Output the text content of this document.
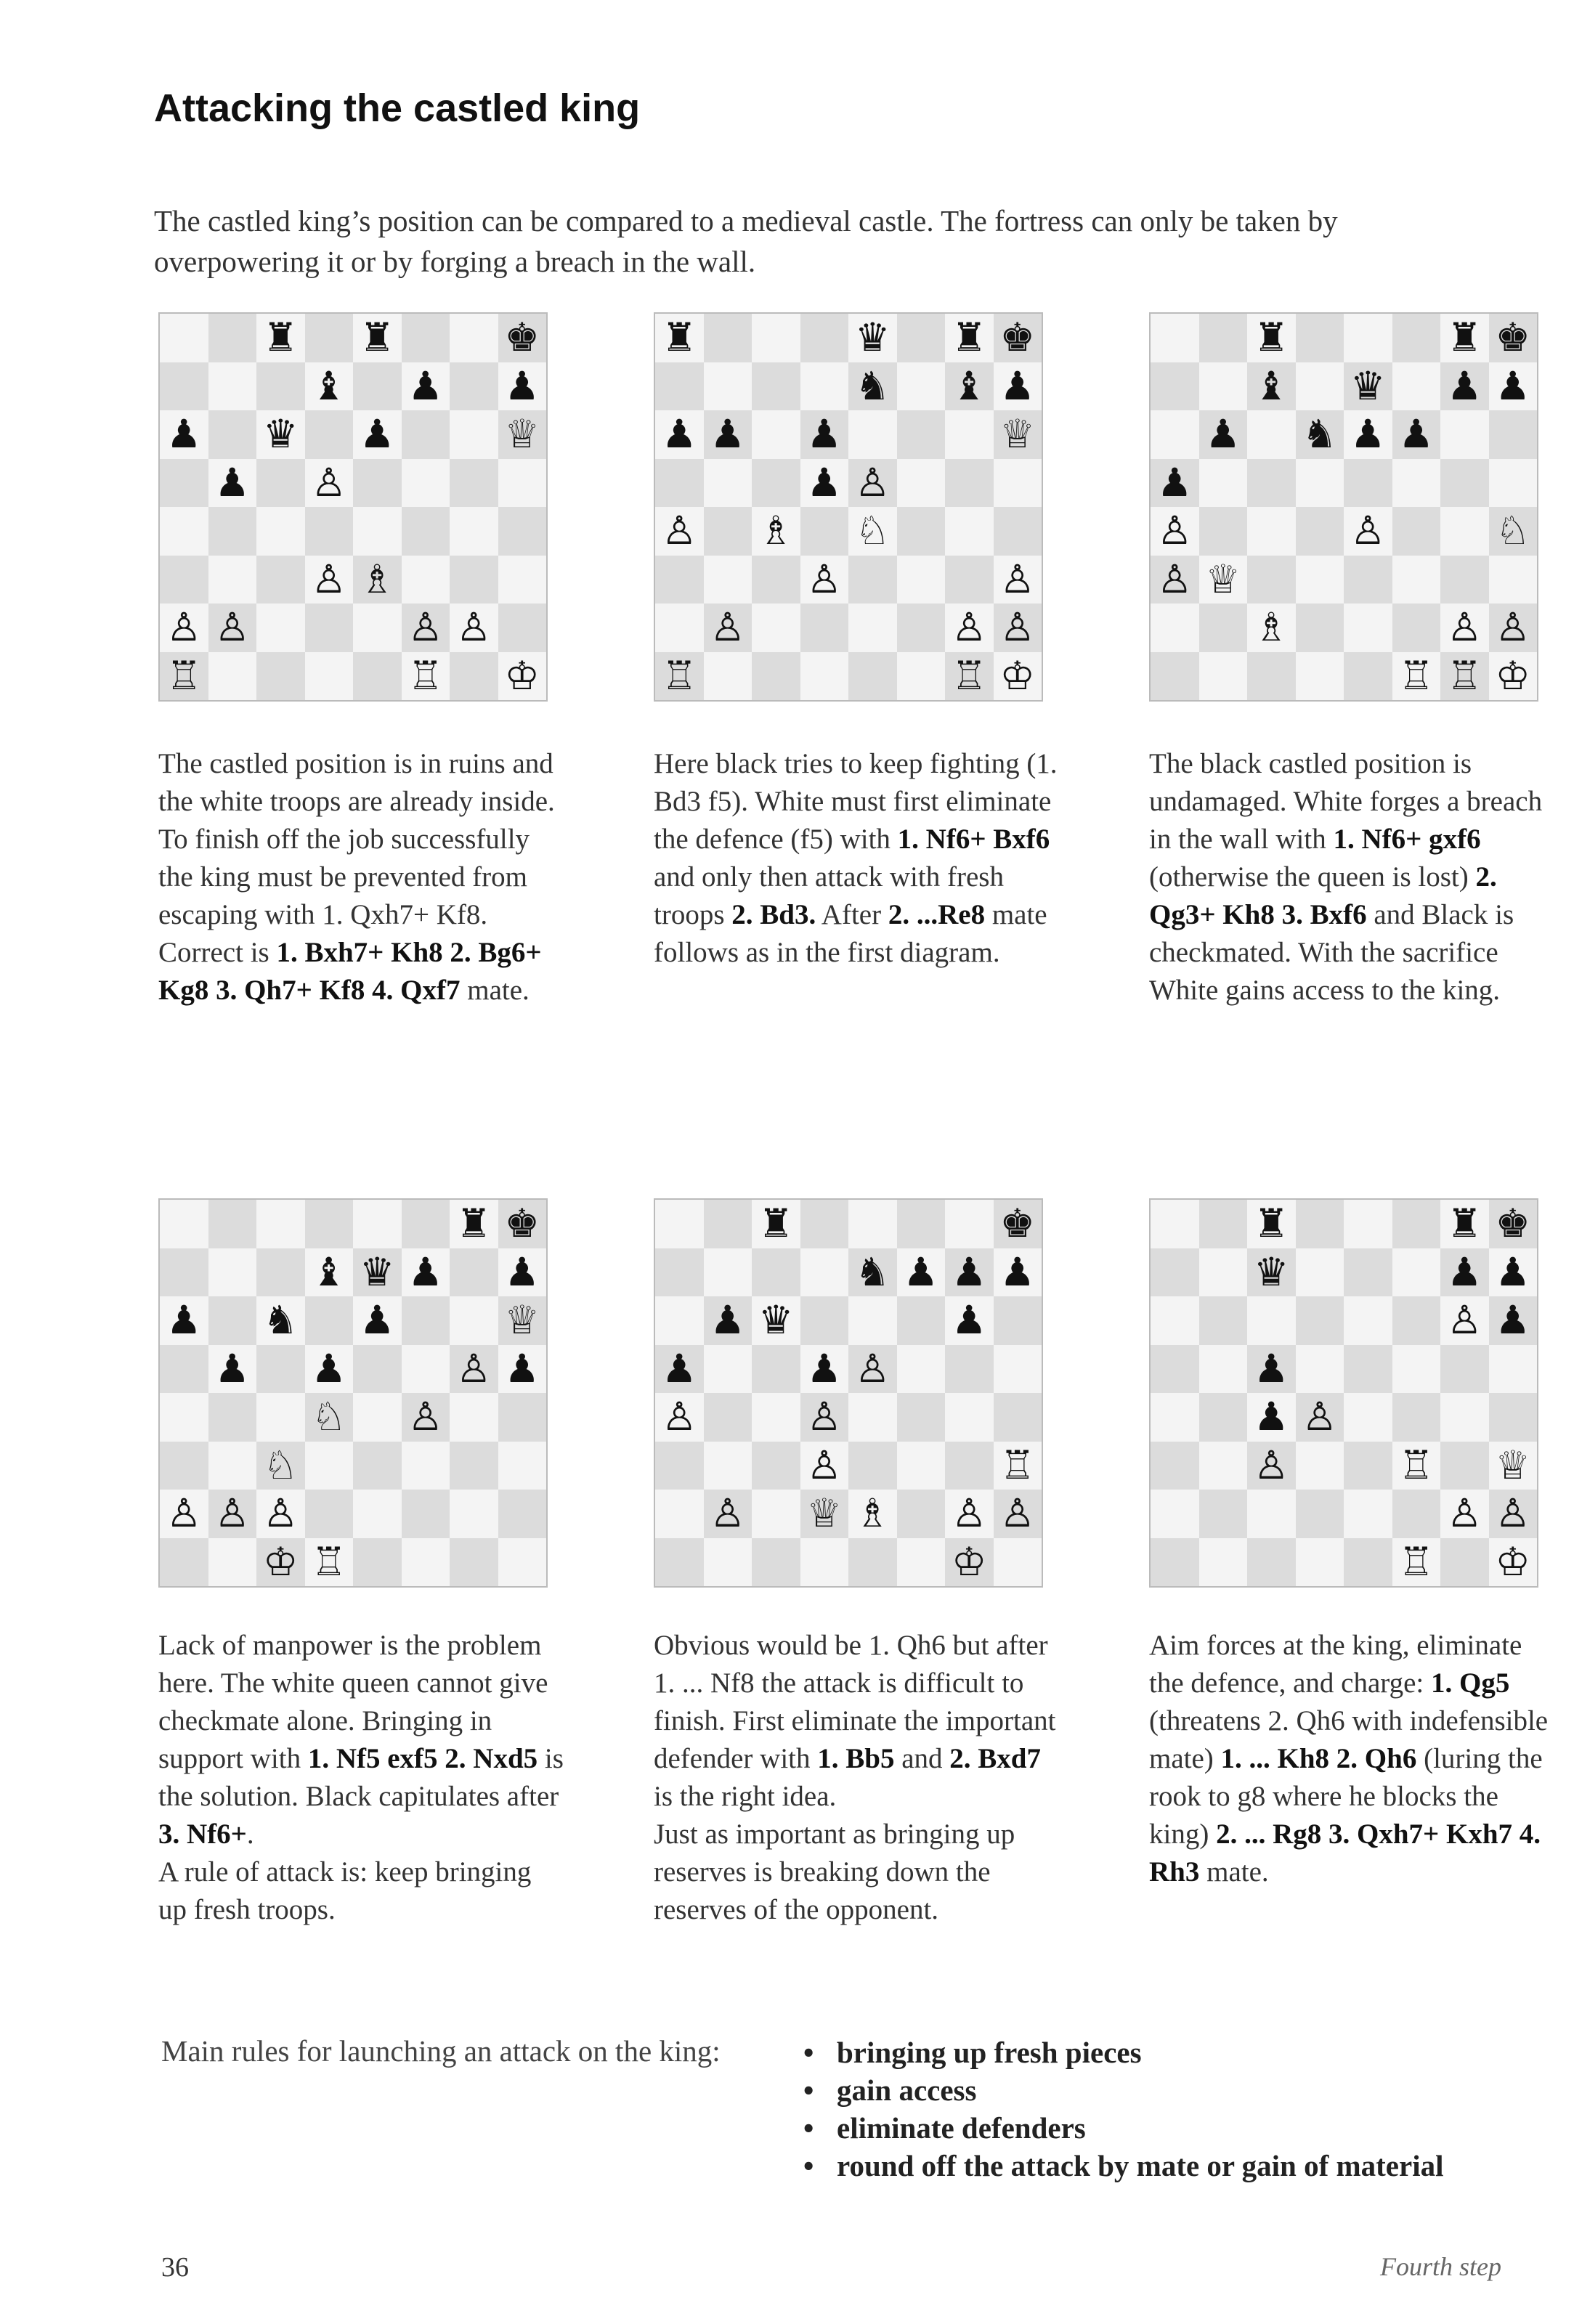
Attacking the castled king

The castled king’s position can be compared to a medieval castle. The fortress can only be taken by overpowering it or by forging a breach in the wall.

♜ ♜	♚
♝ ♟ ♟
♟ ♛ ♟	♕
♟ ♙
♙ ♗
♙ ♙	♙ ♙
♖	♖ ♔
♜	♛ ♜ ♚
♞ ♝ ♟
♟ ♟ ♟	♕
♟ ♙
♙ ♗ ♘
♙	♙
♙	♙ ♙
♖	♖ ♔
♜	♜ ♚
♝ ♛ ♟ ♟
♟ ♞ ♟ ♟
♟
♙	♙	♘
♙ ♕
♗	♙ ♙
♖ ♖ ♔
The castled position is in ruins and the white troops are already inside. To finish off the job successfully the king must be prevented from escaping with 1. Qxh7+ Kf8. Correct is 1. Bxh7+ Kh8 2. Bg6+ Kg8 3. Qh7+ Kf8 4. Qxf7 mate.
Here black tries to keep fighting (1. Bd3 f5). White must first eliminate the defence (f5) with 1. Nf6+ Bxf6 and only then attack with fresh troops 2. Bd3. After 2. ...Re8 mate follows as in the first diagram.
The black castled position is undamaged. White forges a breach in the wall with 1. Nf6+ gxf6 (otherwise the queen is lost) 2. Qg3+ Kh8 3. Bxf6 and Black is checkmated. With the sacrifice White gains access to the king.
♜ ♚
♝ ♛ ♟ ♟
♟ ♞ ♟	♕
♟ ♟	♙ ♟
♘ ♙
♘
♙ ♙ ♙
♔ ♖
♜	♚
♞ ♟ ♟ ♟
♟ ♛	♟
♟	♟ ♙
♙	♙
♙	♖
♙ ♕ ♗ ♙ ♙
♔
♜	♜ ♚
♛	♟ ♟
♙ ♟
♟
♟ ♙
♙	♖ ♕
♙ ♙
♖ ♔
Lack of manpower is the problem here. The white queen cannot give checkmate alone. Bringing in support with 1. Nf5 exf5 2. Nxd5 is the solution. Black capitulates after 3. Nf6+.
A rule of attack is: keep bringing up fresh troops.
Obvious would be 1. Qh6 but after 1. ... Nf8 the attack is difficult to finish. First eliminate the important defender with 1. Bb5 and 2. Bxd7 is the right idea.
Just as important as bringing up reserves is breaking down the reserves of the opponent.
Aim forces at the king, eliminate the defence, and charge: 1. Qg5 (threatens 2. Qh6 with indefensible mate) 1. ... Kh8 2. Qh6 (luring the rook to g8 where he blocks the king) 2. ... Rg8 3. Qxh7+ Kxh7 4. Rh3 mate.
Main rules for launching an attack on the king:
•	bringing up fresh pieces
• gain access
• eliminate defenders
• round off the attack by mate or gain of material
36	Fourth step
